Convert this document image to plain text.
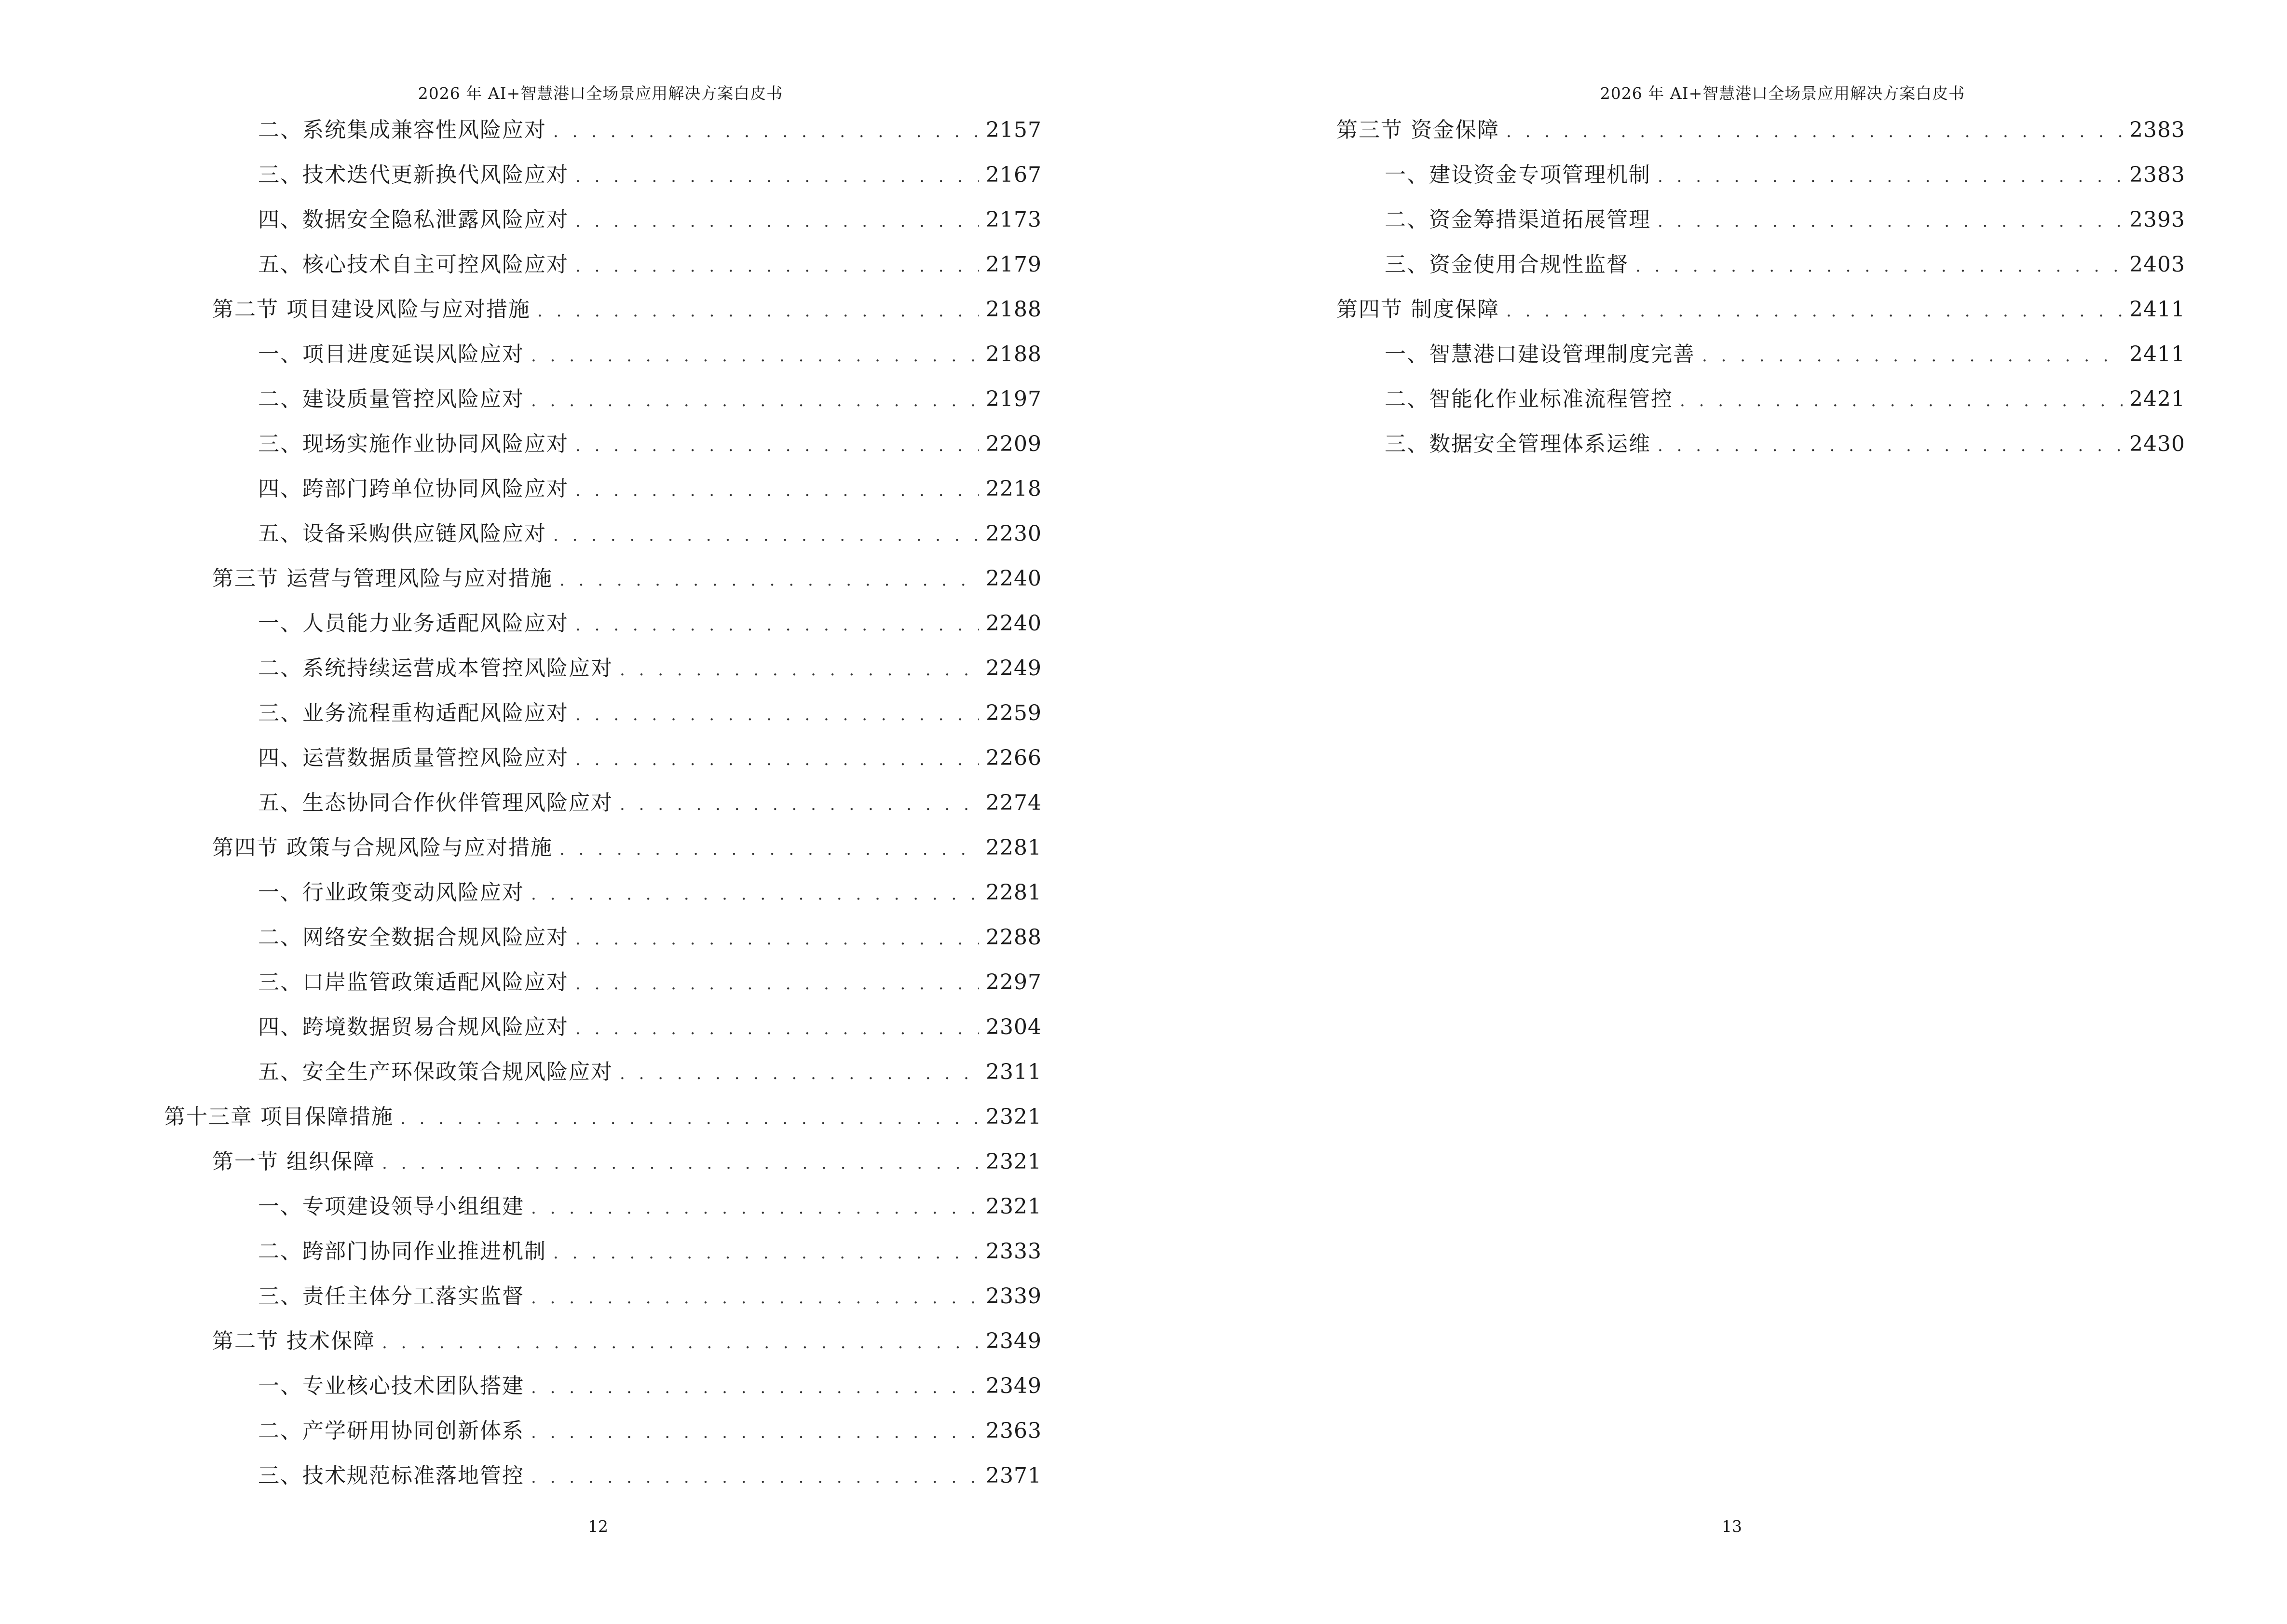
2026 年 AI+智慧港口全场景应用解决方案白皮书
二、系统集成兼容性风险应对 . . .	2157
三、技术迭代更新换代风险应对 . . .	2167
四、数据安全隐私泄露风险应对 . . .	2173
五、核心技术自主可控风险应对 . . .	2179
第二节 项目建设风险与应对措施 . . .	2188
一、项目进度延误风险应对 . . .	2188
二、建设质量管控风险应对 . . .	2197
三、现场实施作业协同风险应对 . . .	2209
四、跨部门跨单位协同风险应对 . . .	2218
五、设备采购供应链风险应对 . . .	2230
第三节 运营与管理风险与应对措施 . . .	2240
一、人员能力业务适配风险应对 . . .	2240
二、系统持续运营成本管控风险应对 . . .	2249
三、业务流程重构适配风险应对 . . .	2259
四、运营数据质量管控风险应对 . . .	2266
五、生态协同合作伙伴管理风险应对 . . .	2274
第四节 政策与合规风险与应对措施 . . .	2281
一、行业政策变动风险应对 . . .	2281
二、网络安全数据合规风险应对 . . .	2288
三、口岸监管政策适配风险应对 . . .	2297
四、跨境数据贸易合规风险应对 . . .	2304
五、安全生产环保政策合规风险应对 . . .	2311
第十三章 项目保障措施 . . .	2321
第一节 组织保障 . . .	2321
一、专项建设领导小组组建 . . .	2321
二、跨部门协同作业推进机制 . . .	2333
三、责任主体分工落实监督 . . .	2339
第二节 技术保障 . . .	2349
一、专业核心技术团队搭建 . . .	2349
二、产学研用协同创新体系 . . .	2363
三、技术规范标准落地管控 . . .	2371
12
2026 年 AI+智慧港口全场景应用解决方案白皮书
第三节 资金保障 . . .	2383
一、建设资金专项管理机制 . . .	2383
二、资金筹措渠道拓展管理 . . .	2393
三、资金使用合规性监督 . . .	2403
第四节 制度保障 . . .	2411
一、智慧港口建设管理制度完善 . . .	2411
二、智能化作业标准流程管控 . . .	2421
三、数据安全管理体系运维 . . .	2430
13
